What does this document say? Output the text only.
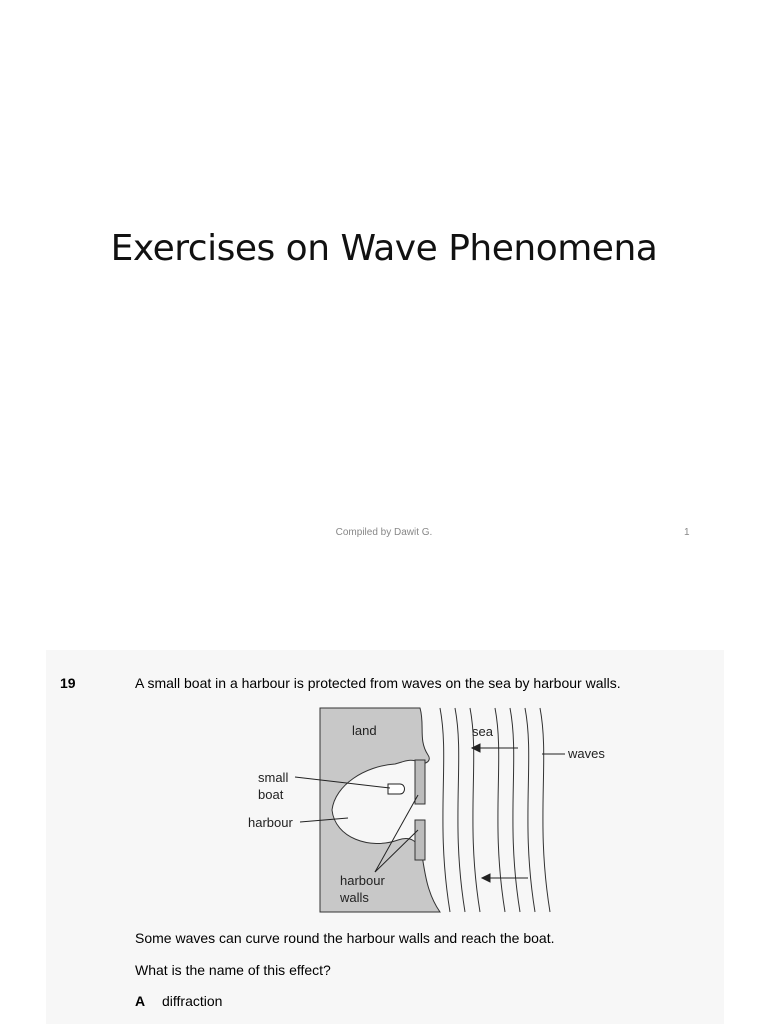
Exercises on Wave Phenomena
Compiled by Dawit G.	1
19	A small boat in a harbour is protected from waves on the sea by harbour walls.
land	sea
waves
small
boat
harbour
harbour
walls
Some waves can curve round the harbour walls and reach the boat.
What is the name of this effect?
A diffraction
